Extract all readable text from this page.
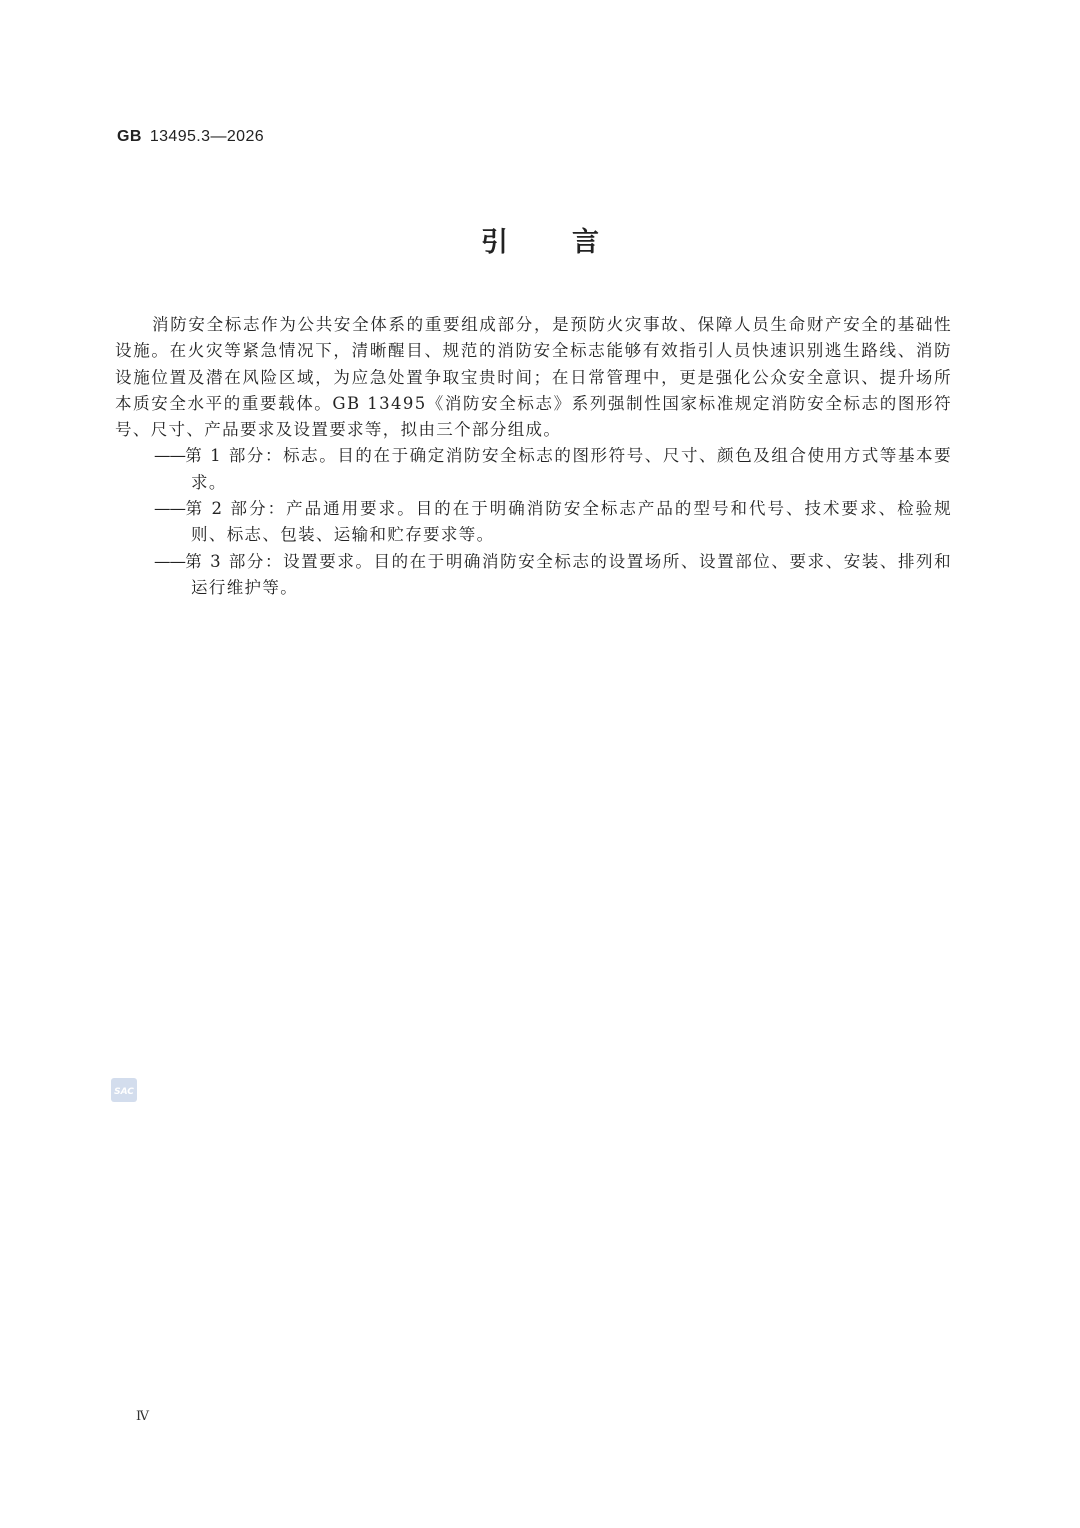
GB 13495.3—2026
引言

消防安全标志作为公共安全体系的重要组成部分，是预防火灾事故、保障人员生命财产安全的基础性设施。在火灾等紧急情况下，清晰醒目、规范的消防安全标志能够有效指引人员快速识别逃生路线、消防设施位置及潜在风险区域，为应急处置争取宝贵时间；在日常管理中，更是强化公众安全意识、提升场所本质安全水平的重要载体。GB 13495《消防安全标志》系列强制性国家标准规定消防安全标志的图形符号、尺寸、产品要求及设置要求等，拟由三个部分组成。

——第 1 部分：标志。目的在于确定消防安全标志的图形符号、尺寸、颜色及组合使用方式等基本要求。

——第 2 部分：产品通用要求。目的在于明确消防安全标志产品的型号和代号、技术要求、检验规则、标志、包装、运输和贮存要求等。

——第 3 部分：设置要求。目的在于明确消防安全标志的设置场所、设置部位、要求、安装、排列和运行维护等。

SAC
Ⅳ
